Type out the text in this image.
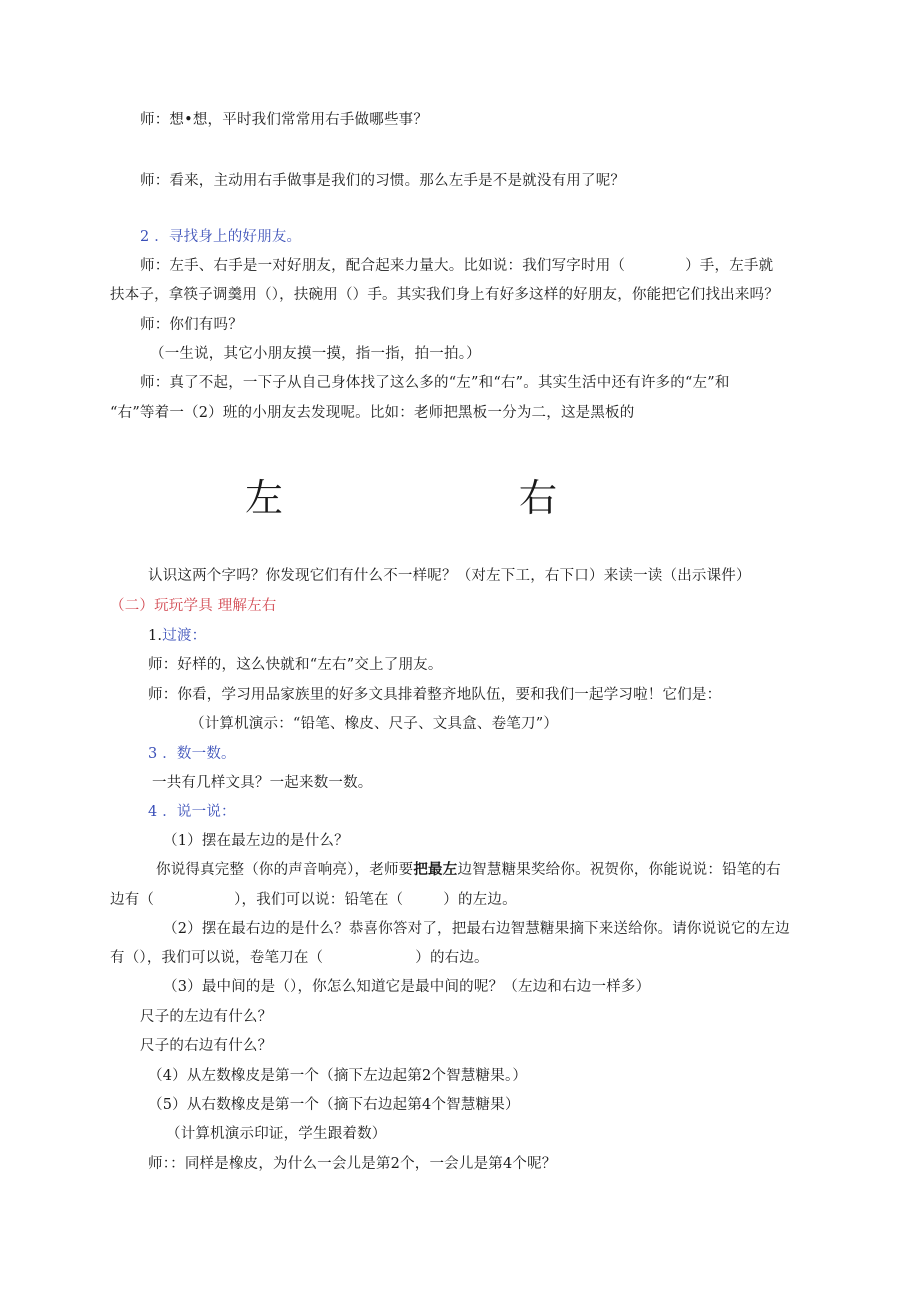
师：想•想，平时我们常常用右手做哪些事？
师：看来，主动用右手做事是我们的习惯。那么左手是不是就没有用了呢？
2 ．寻找身上的好朋友。
师：左手、右手是一对好朋友，配合起来力量大。比如说：我们写字时用（	）手，左手就
扶本子，拿筷子调羹用（），扶碗用（）手。其实我们身上有好多这样的好朋友，你能把它们找出来吗？
师：你们有吗？
（一生说，其它小朋友摸一摸，指一指，拍一拍。）
师：真了不起，一下子从自己身体找了这么多的“左”和“右”。其实生活中还有许多的“左”和
“右”等着一（2）班的小朋友去发现呢。比如：老师把黑板一分为二，这是黑板的
左	右
认识这两个字吗？你发现它们有什么不一样呢？（对左下工，右下口）来读一读（出示课件）
（二）玩玩学具 理解左右
1.过渡：
师：好样的，这么快就和“左右”交上了朋友。
师：你看，学习用品家族里的好多文具排着整齐地队伍，要和我们一起学习啦！它们是：
（计算机演示：“铅笔、橡皮、尺子、文具盒、卷笔刀”）
3 ．数一数。
一共有几样文具？一起来数一数。
4 ．说一说：
（1）摆在最左边的是什么？
你说得真完整（你的声音响亮），老师要把最左边智慧糖果奖给你。祝贺你，你能说说：铅笔的右
边有（	），我们可以说：铅笔在（	）的左边。
（2）摆在最右边的是什么？恭喜你答对了，把最右边智慧糖果摘下来送给你。请你说说它的左边
有（），我们可以说，卷笔刀在（	）的右边。
（3）最中间的是（），你怎么知道它是最中间的呢？（左边和右边一样多）
尺子的左边有什么？
尺子的右边有什么？
（4）从左数橡皮是第一个（摘下左边起第2个智慧糖果。）
（5）从右数橡皮是第一个（摘下右边起第4个智慧糖果）
（计算机演示印证，学生跟着数）
师：：同样是橡皮，为什么一会儿是第2个，一会儿是第4个呢？
